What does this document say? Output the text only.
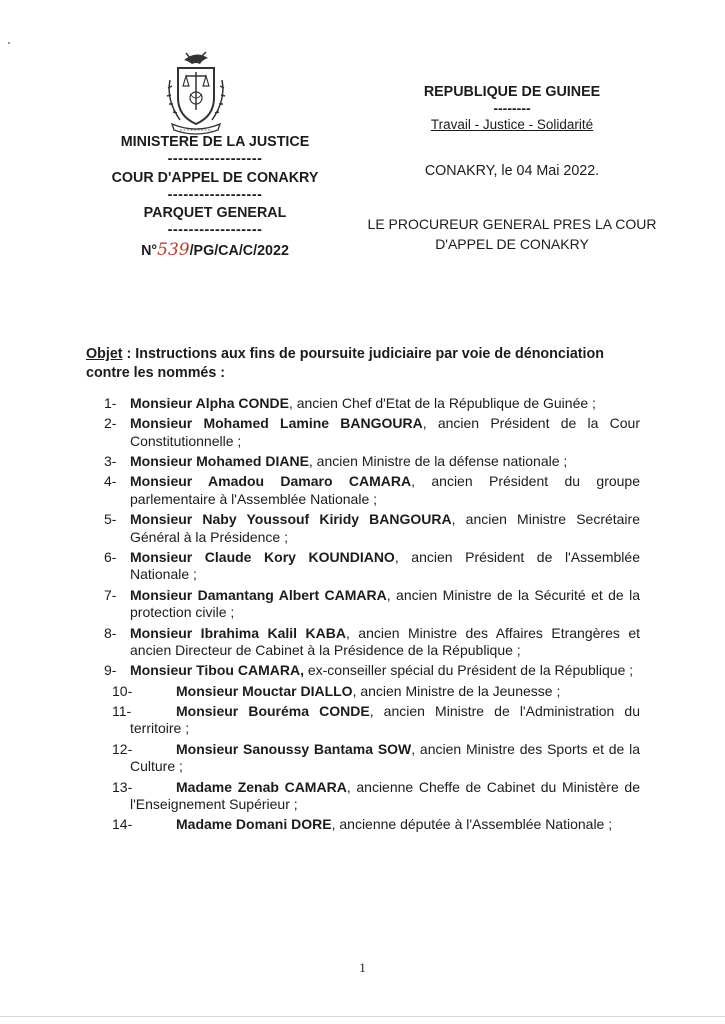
MINISTERE DE LA JUSTICE
------------------
COUR D'APPEL DE CONAKRY
------------------
PARQUET GENERAL
------------------
N°539/PG/CA/C/2022
REPUBLIQUE DE GUINEE
--------
Travail - Justice - Solidarité
CONAKRY, le 04 Mai 2022.
LE PROCUREUR GENERAL PRES LA COUR
D'APPEL DE CONAKRY
Objet : Instructions aux fins de poursuite judiciaire par voie de dénonciation contre les nommés :
1- Monsieur Alpha CONDE, ancien Chef d'Etat de la République de Guinée ;
2- Monsieur Mohamed Lamine BANGOURA, ancien Président de la Cour Constitutionnelle ;
3- Monsieur Mohamed DIANE, ancien Ministre de la défense nationale ;
4- Monsieur Amadou Damaro CAMARA, ancien Président du groupe parlementaire à l'Assemblée Nationale ;
5- Monsieur Naby Youssouf Kiridy BANGOURA, ancien Ministre Secrétaire Général à la Présidence ;
6- Monsieur Claude Kory KOUNDIANO, ancien Président de l'Assemblée Nationale ;
7- Monsieur Damantang Albert CAMARA, ancien Ministre de la Sécurité et de la protection civile ;
8- Monsieur Ibrahima Kalil KABA, ancien Ministre des Affaires Etrangères et ancien Directeur de Cabinet à la Présidence de la République ;
9- Monsieur Tibou CAMARA, ex-conseiller spécial du Président de la République ;
10-	Monsieur Mouctar DIALLO, ancien Ministre de la Jeunesse ;
11-	Monsieur Bouréma CONDE, ancien Ministre de l'Administration du territoire ;
12-	Monsieur Sanoussy Bantama SOW, ancien Ministre des Sports et de la Culture ;
13-	Madame Zenab CAMARA, ancienne Cheffe de Cabinet du Ministère de l'Enseignement Supérieur ;
14-	Madame Domani DORE, ancienne députée à l'Assemblée Nationale ;
1
